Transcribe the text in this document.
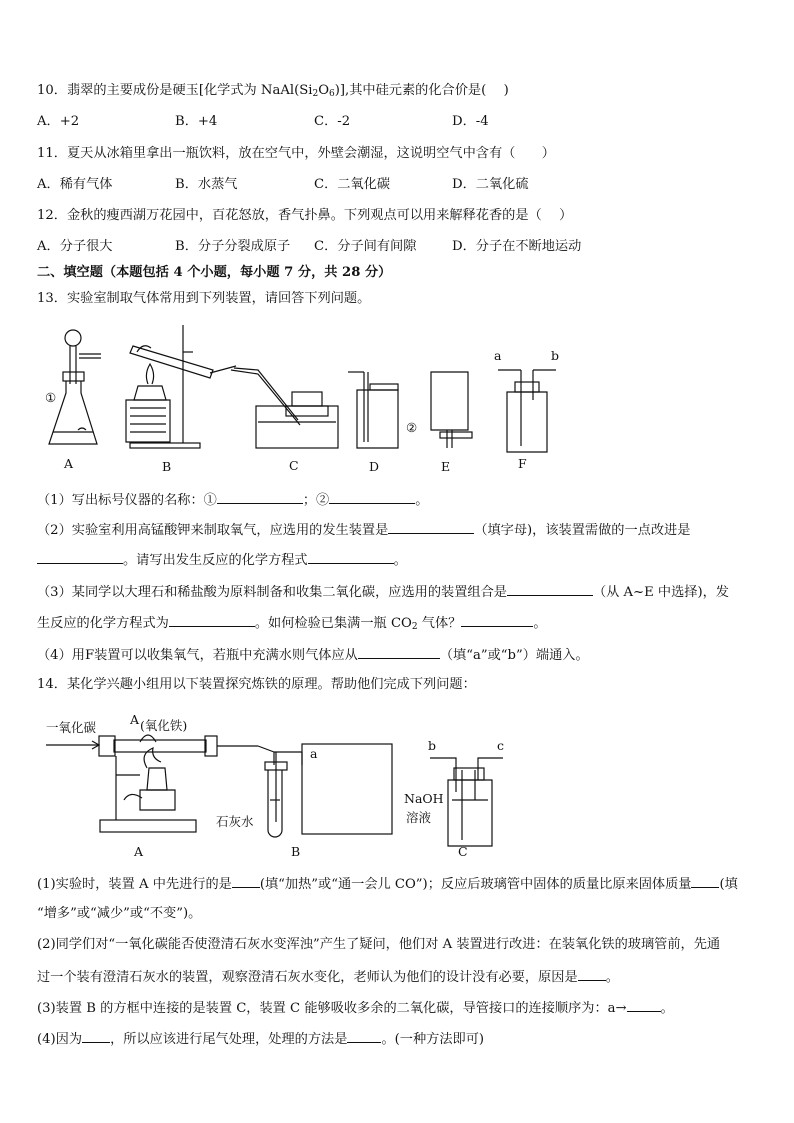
10．翡翠的主要成份是硬玉[化学式为 $NaAl(Si_2O_6)$],其中硅元素的化合价是(　 )
A．+2	B．+4	C．-2	D．-4
11．夏天从冰箱里拿出一瓶饮料，放在空气中，外壁会潮湿，这说明空气中含有（　　）
A．稀有气体	B．水蒸气	C．二氧化碳	D．二氧化硫
12．金秋的瘦西湖万花园中，百花怒放，香气扑鼻。下列观点可以用来解释花香的是（　 ）
A．分子很大	B．分子分裂成原子 C．分子间有间隙	D．分子在不断地运动
二、填空题（本题包括 4 个小题，每小题 7 分，共 28 分）
13．实验室制取气体常用到下列装置，请回答下列问题。
A	B	C	D	E	F
①
②
a	b
（1）写出标号仪器的名称：①	；②	。
（2）实验室利用高锰酸钾来制取氧气，应选用的发生装置是	（填字母)，该装置需做的一点改进是
。请写出发生反应的化学方程式	。
（3）某同学以大理石和稀盐酸为原料制备和收集二氧化碳，应选用的装置组合是	（从 A~E 中选择)，发
生反应的化学方程式为	。如何检验已集满一瓶 $CO_2$ 气体？	。
（4）用F装置可以收集氧气，若瓶中充满水则气体应从	（填“a”或“b”）端通入。
14．某化学兴趣小组用以下装置探究炼铁的原理。帮助他们完成下列问题：
一氧化碳
A (氧化铁)
石灰水
a
b	c
NaOH
溶液
A	B	C
(1)实验时，装置 A 中先进行的是 (填“加热”或“通一会儿 CO”)；反应后玻璃管中固体的质量比原来固体质量 (填
“增多”或“减少”或“不变”)。
(2)同学们对“一氧化碳能否使澄清石灰水变浑浊”产生了疑问，他们对 A 装置进行改进：在装氧化铁的玻璃管前，先通
过一个装有澄清石灰水的装置，观察澄清石灰水变化，老师认为他们的设计没有必要，原因是 。
(3)装置 B 的方框中连接的是装置 C，装置 C 能够吸收多余的二氧化碳，导管接口的连接顺序为：a→	。
(4)因为 ，所以应该进行尾气处理，处理的方法是	。(一种方法即可)
